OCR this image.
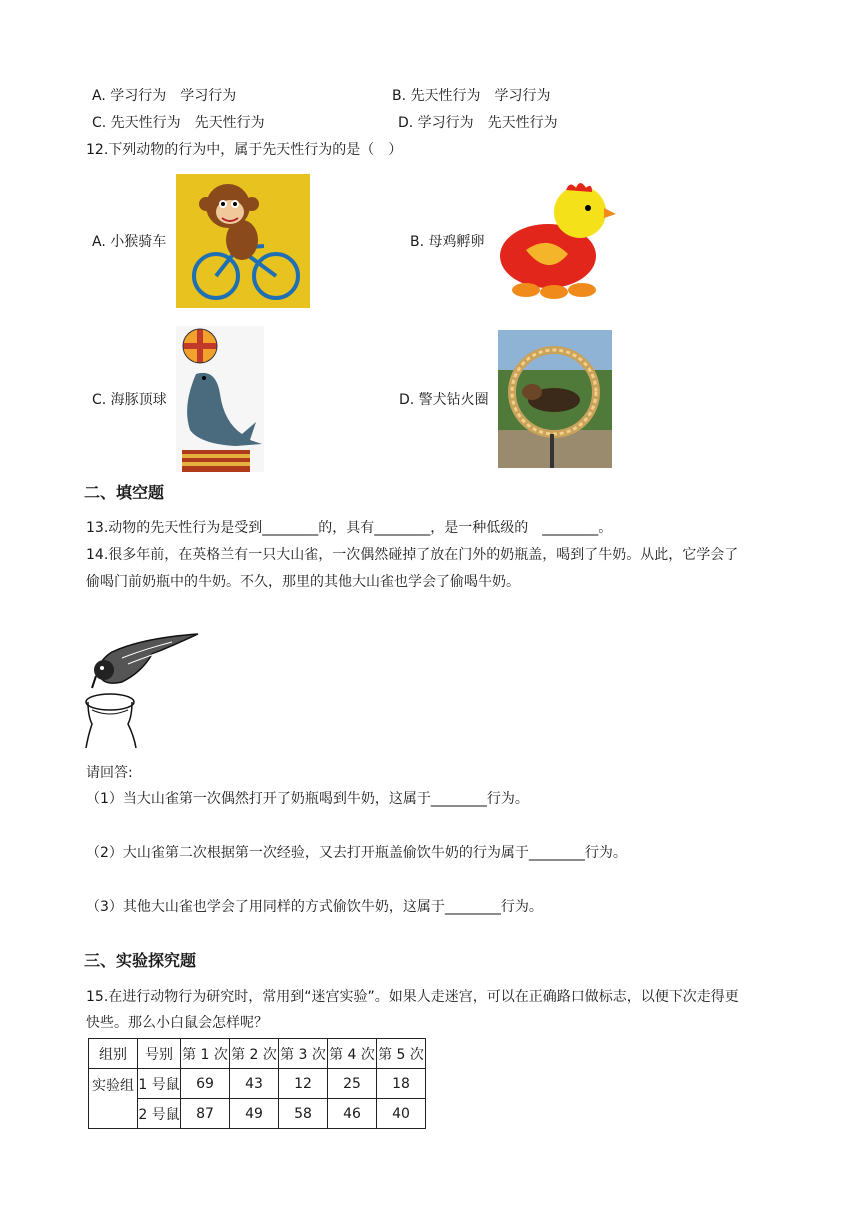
A. 学习行为　学习行为	B. 先天性行为　学习行为
C. 先天性行为　先天性行为	D. 学习行为　先天性行为
12.下列动物的行为中，属于先天性行为的是（　）
A. 小猴骑车	B. 母鸡孵卵
C. 海豚顶球	D. 警犬钻火圈
二、填空题
13.动物的先天性行为是受到________的，具有________，是一种低级的　________。
14.很多年前，在英格兰有一只大山雀，一次偶然碰掉了放在门外的奶瓶盖，喝到了牛奶。从此，它学会了
偷喝门前奶瓶中的牛奶。不久，那里的其他大山雀也学会了偷喝牛奶。
请回答:
（1）当大山雀第一次偶然打开了奶瓶喝到牛奶，这属于________行为。
（2）大山雀第二次根据第一次经验，又去打开瓶盖偷饮牛奶的行为属于________行为。
（3）其他大山雀也学会了用同样的方式偷饮牛奶，这属于________行为。
三、实验探究题
15.在进行动物行为研究时，常用到“迷宫实验”。如果人走迷宫，可以在正确路口做标志，以便下次走得更
快些。那么小白鼠会怎样呢？
组别	号别	第 1 次	第 2 次	第 3 次	第 4 次	第 5 次
实验组	1 号鼠	69	43	12	25	18
	2 号鼠	87	49	58	46	40
